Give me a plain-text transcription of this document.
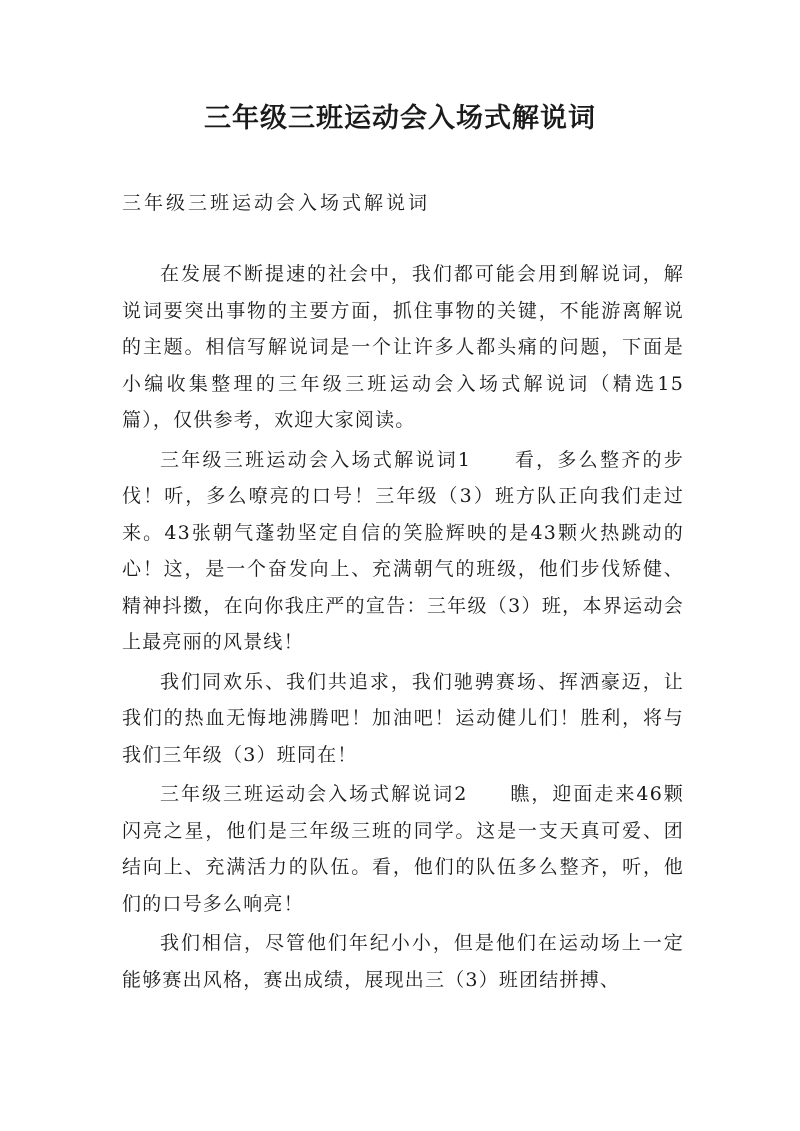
三年级三班运动会入场式解说词

三年级三班运动会入场式解说词

在发展不断提速的社会中，我们都可能会用到解说词，解说词要突出事物的主要方面，抓住事物的关键，不能游离解说的主题。相信写解说词是一个让许多人都头痛的问题，下面是小编收集整理的三年级三班运动会入场式解说词（精选15篇），仅供参考，欢迎大家阅读。

三年级三班运动会入场式解说词1　　看，多么整齐的步伐！听，多么嘹亮的口号！三年级（3）班方队正向我们走过来。43张朝气蓬勃坚定自信的笑脸辉映的是43颗火热跳动的心！这，是一个奋发向上、充满朝气的班级，他们步伐矫健、精神抖擞，在向你我庄严的宣告：三年级（3）班，本界运动会上最亮丽的风景线！

我们同欢乐、我们共追求，我们驰骋赛场、挥洒豪迈，让我们的热血无悔地沸腾吧！加油吧！运动健儿们！胜利，将与我们三年级（3）班同在！

三年级三班运动会入场式解说词2　　瞧，迎面走来46颗闪亮之星，他们是三年级三班的同学。这是一支天真可爱、团结向上、充满活力的队伍。看，他们的队伍多么整齐，听，他们的口号多么响亮！

我们相信，尽管他们年纪小小，但是他们在运动场上一定能够赛出风格，赛出成绩，展现出三（3）班团结拼搏、
